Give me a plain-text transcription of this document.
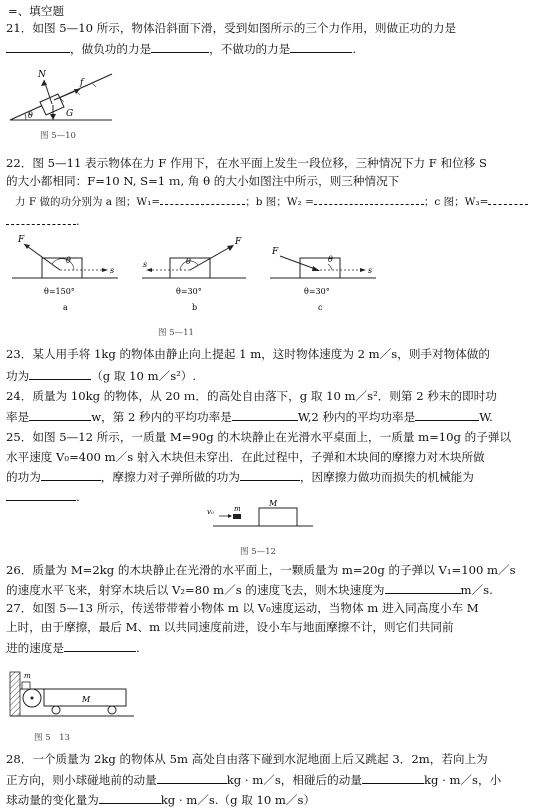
=、填空题
21．如图 5—10 所示，物体沿斜面下滑，受到如图所示的三个力作用，则做正功的力是
，做负功的力是	，不做功的力是	.
N
f
G
θ
图 5—10
22．图 5—11 表示物体在力 F 作用下，在水平面上发生一段位移，三种情况下力 F 和位移 S
的大小都相同：F=10 N, S=1 ｍ, 角 θ 的大小如图注中所示，则三种情况下
力 F 做的功分别为 a 图；W₁=	；b 图；W₂ =	；c 图；W₃=
.
F
s
θ
F
s	θ
F
s
θ
θ=150°
a
θ=30°
b
θ=30°
c
图 5—11
23．某人用手将 1kg 的物体由静止向上提起 1 m，这时物体速度为 2 m／s，则手对物体做的
功为	（g 取 10 m／s²）.
24．质量为 10kg 的物体，从 20 ｍ．的高处自由落下，g 取 10 m／s²．则第 2 秒末的即时功
率是	w，第 2 秒内的平均功率是	W,2 秒内的平均功率是	W.
25．如图 5—12 所示，一质量 M=90g 的木块静止在光滑水平桌面上，一质量 m=10g 的子弹以
水平速度 V₀=400 m／s 射入木块但未穿出．在此过程中，子弹和木块间的摩擦力对木块所做
的功为	，摩擦力对子弹所做的功为	，因摩擦力做功而损失的机械能为
.
v₀	m
M
图 5—12
26．质量为 M=2kg 的木块静止在光滑的水平面上，一颗质量为 m=20g 的子弹以 V₁=100 m／s
的速度水平飞来，射穿木块后以 V₂=80 m／s 的速度飞去，则木块速度为	m／s.
27．如图 5—13 所示，传送带带着小物体 m 以 V₀速度运动，当物体 m 进入同高度小车 M
上时，由于摩擦，最后 M、m 以共同速度前进，设小车与地面摩擦不计，则它们共同前
进的速度是	.
m
M
图 5　13
28．一个质量为 2kg 的物体从 5m 高处自由落下碰到水泥地面上后又跳起 3．2m，若向上为
正方向，则小球碰地前的动量	kg · m／s，相碰后的动量	kg · m／s，小
球动量的变化量为	kg · m／s.（g 取 10 m／s）
